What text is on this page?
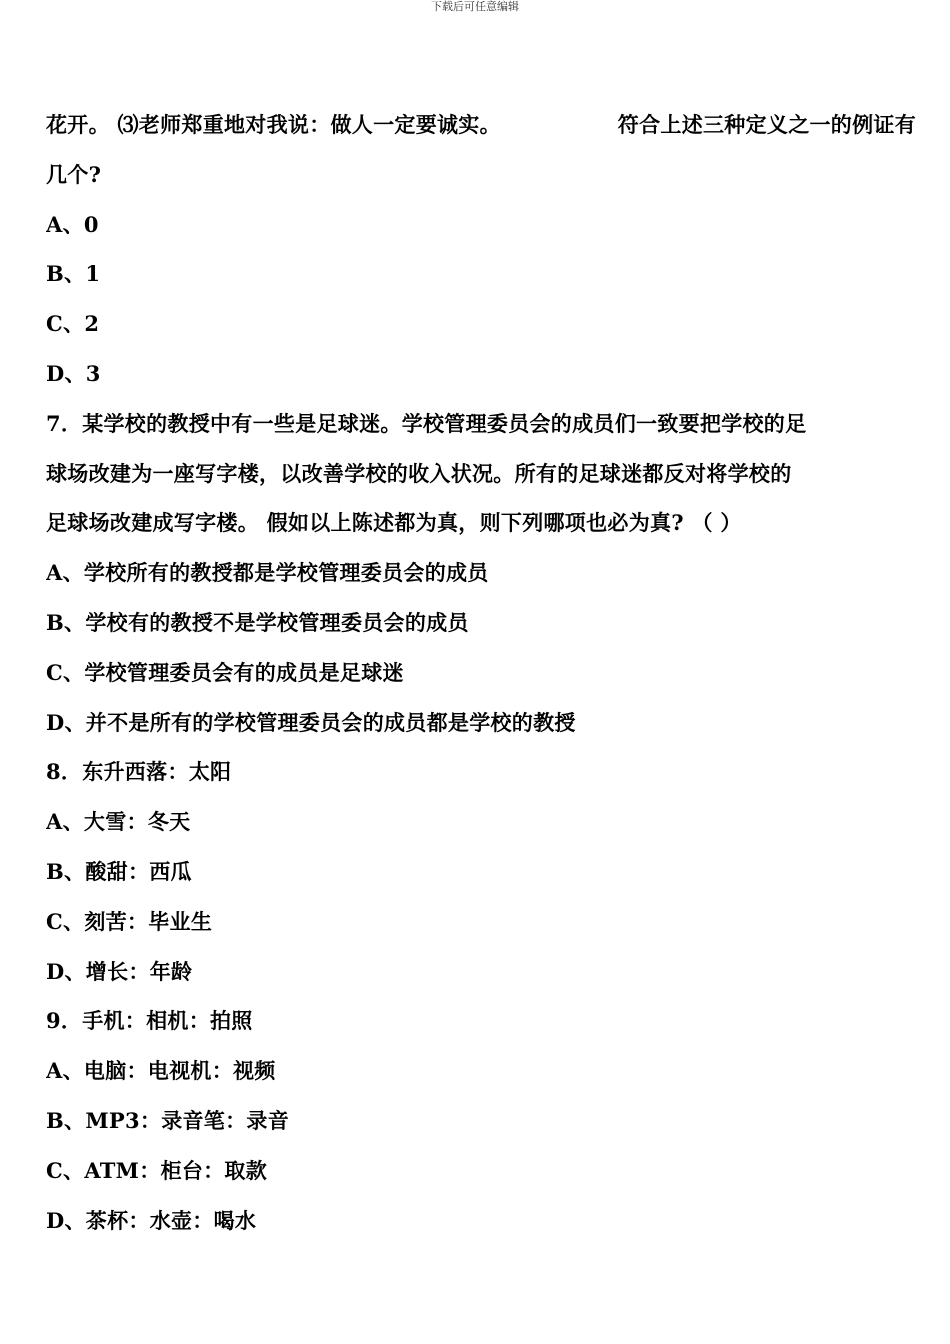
下载后可任意编辑
花开。 ⑶老师郑重地对我说：做人一定要诚实。	符合上述三种定义之一的例证有
几个?
A、0
B、1
C、2
D、3
7．某学校的教授中有一些是足球迷。学校管理委员会的成员们一致要把学校的足
球场改建为一座写字楼，以改善学校的收入状况。所有的足球迷都反对将学校的
足球场改建成写字楼。 假如以上陈述都为真，则下列哪项也必为真? （ ）
A、学校所有的教授都是学校管理委员会的成员
B、学校有的教授不是学校管理委员会的成员
C、学校管理委员会有的成员是足球迷
D、并不是所有的学校管理委员会的成员都是学校的教授
8．东升西落：太阳
A、大雪：冬天
B、酸甜：西瓜
C、刻苦：毕业生
D、增长：年龄
9．手机：相机：拍照
A、电脑：电视机：视频
B、MP3：录音笔：录音
C、ATM：柜台：取款
D、茶杯：水壶：喝水
